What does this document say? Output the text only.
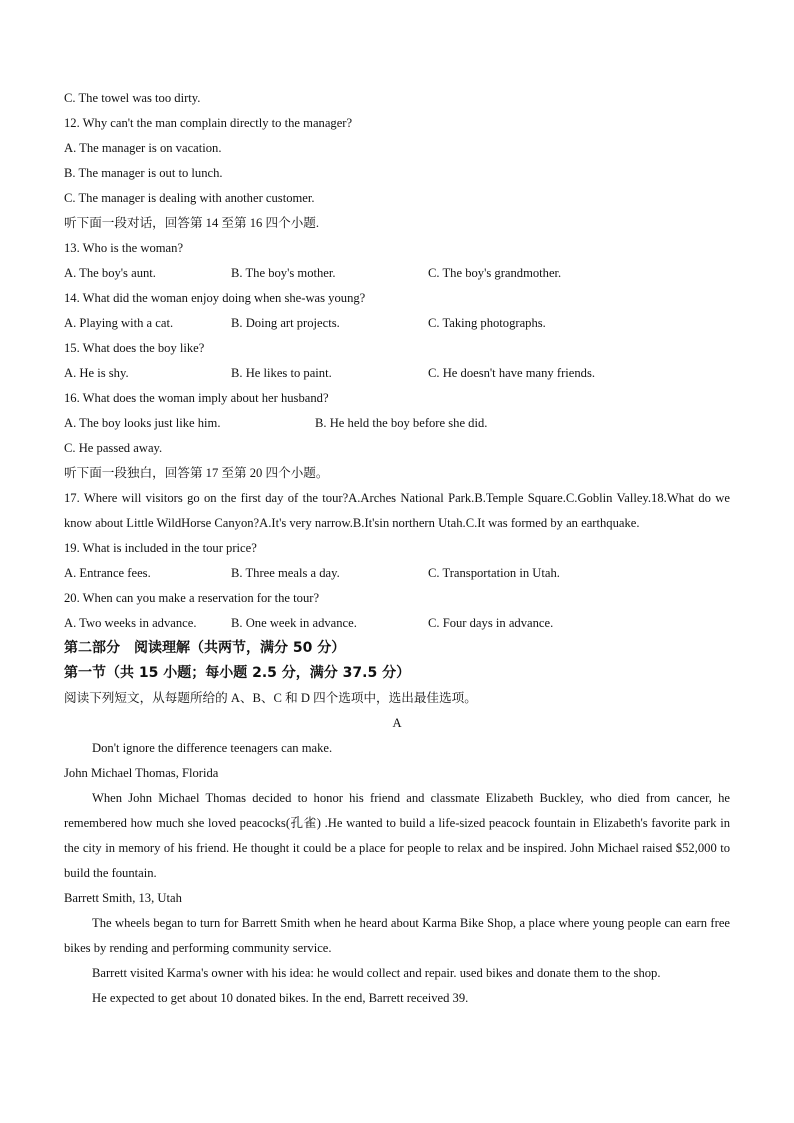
C. The towel was too dirty.
12. Why can't the man complain directly to the manager?
A. The manager is on vacation.
B. The manager is out to lunch.
C. The manager is dealing with another customer.
听下面一段对话，回答第 14 至第 16 四个小题.
13. Who is the woman?
A. The boy's aunt.	B. The boy's mother.	C. The boy's grandmother.
14. What did the woman enjoy doing when she-was young?
A. Playing with a cat.	B. Doing art projects.	C. Taking photographs.
15. What does the boy like?
A. He is shy.	B. He likes to paint.	C. He doesn't have many friends.
16. What does the woman imply about her husband?
A. The boy looks just like him.	B. He held the boy before she did.
C. He passed away.
听下面一段独白，回答第 17 至第 20 四个小题。
17. Where will visitors go on the first day of the tour?A.Arches National Park.B.Temple Square.C.Goblin Valley.18.What do we know about Little WildHorse Canyon?A.It's very narrow.B.It'sin northern Utah.C.It was formed by an earthquake.
19. What is included in the tour price?
A. Entrance fees.	B. Three meals a day.	C. Transportation in Utah.
20. When can you make a reservation for the tour?
A. Two weeks in advance.	B. One week in advance.	C. Four days in advance.
第二部分　阅读理解（共两节，满分 50 分）
第一节（共 15 小题；每小题 2.5 分，满分 37.5 分）
阅读下列短文，从每题所给的 A、B、C 和 D 四个选项中，选出最佳选项。
A
Don't ignore the difference teenagers can make.
John Michael Thomas, Florida
When John Michael Thomas decided to honor his friend and classmate Elizabeth Buckley, who died from cancer, he remembered how much she loved peacocks(孔雀) .He wanted to build a life-sized peacock fountain in Elizabeth's favorite park in the city in memory of his friend. He thought it could be a place for people to relax and be inspired. John Michael raised $52,000 to build the fountain.
Barrett Smith, 13, Utah
The wheels began to turn for Barrett Smith when he heard about Karma Bike Shop, a place where young people can earn free bikes by rending and performing community service.
Barrett visited Karma's owner with his idea: he would collect and repair. used bikes and donate them to the shop.
He expected to get about 10 donated bikes. In the end, Barrett received 39.
